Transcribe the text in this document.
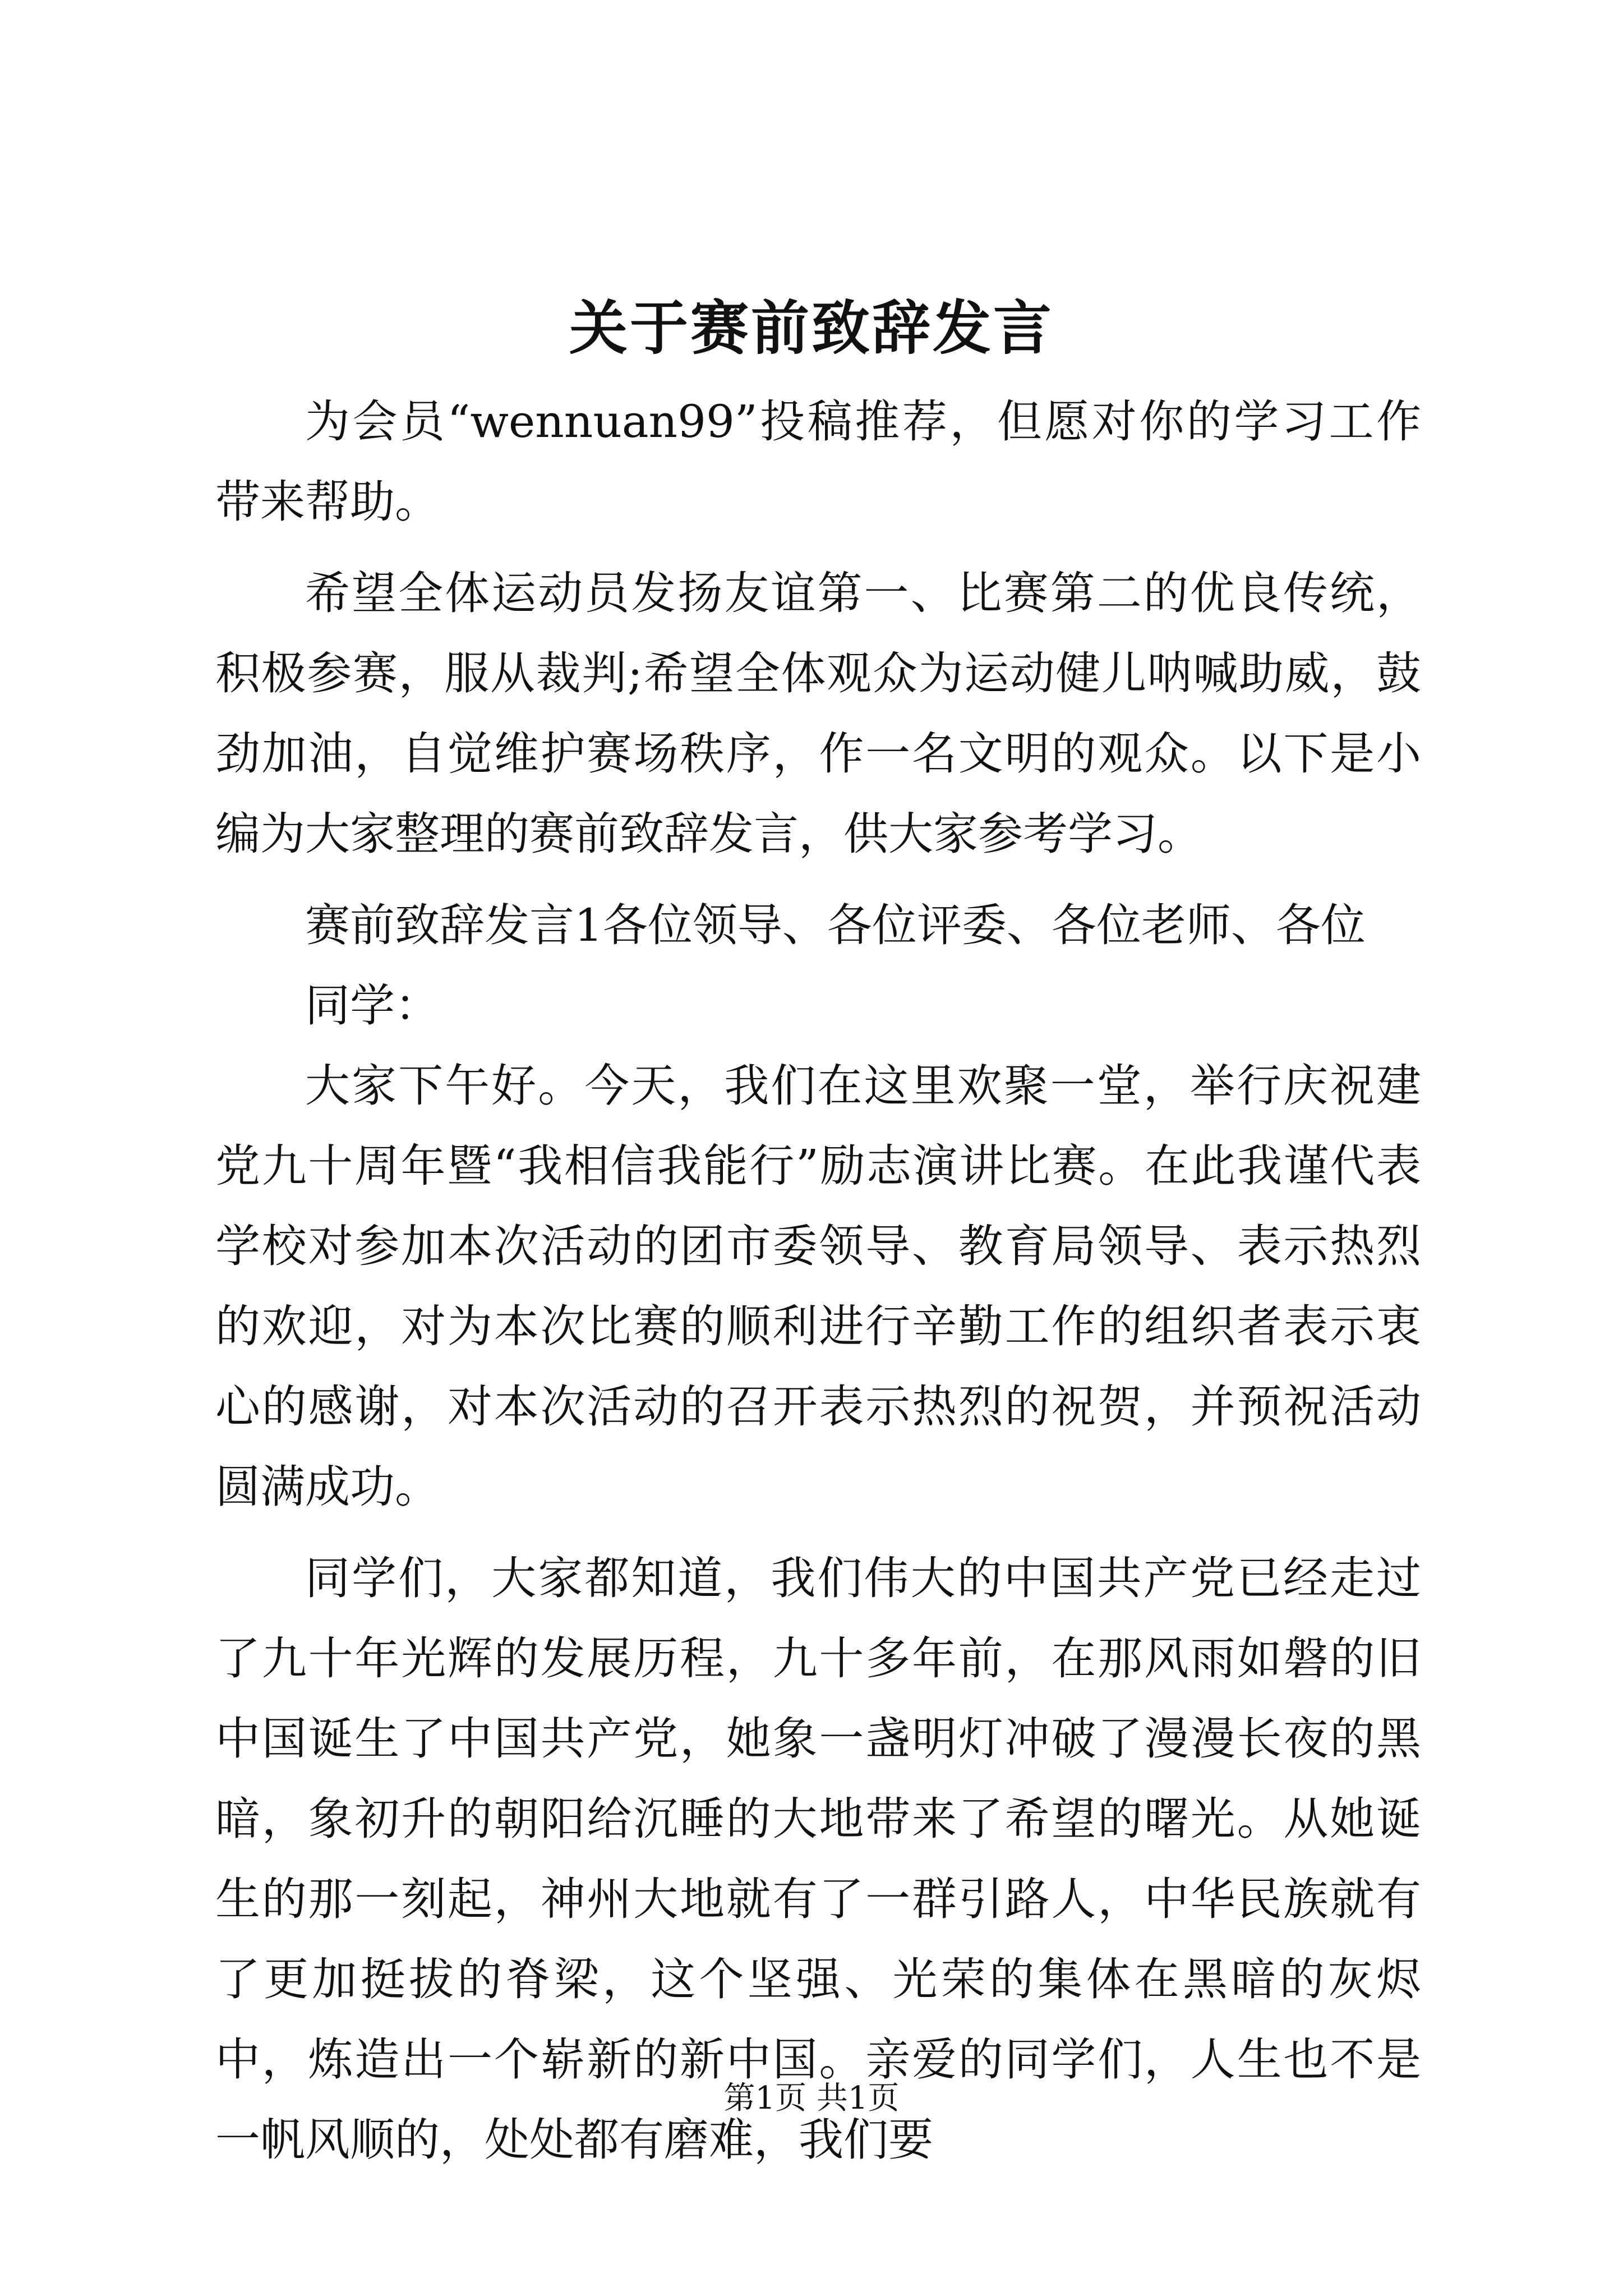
关于赛前致辞发言

为会员“wennuan99”投稿推荐，但愿对你的学习工作带来帮助。

希望全体运动员发扬友谊第一、比赛第二的优良传统，积极参赛，服从裁判;希望全体观众为运动健儿呐喊助威，鼓劲加油，自觉维护赛场秩序，作一名文明的观众。以下是小编为大家整理的赛前致辞发言，供大家参考学习。

赛前致辞发言1各位领导、各位评委、各位老师、各位

同学：

大家下午好。今天，我们在这里欢聚一堂，举行庆祝建党九十周年暨“我相信我能行”励志演讲比赛。在此我谨代表学校对参加本次活动的团市委领导、教育局领导、表示热烈的欢迎，对为本次比赛的顺利进行辛勤工作的组织者表示衷心的感谢，对本次活动的召开表示热烈的祝贺，并预祝活动圆满成功。

同学们，大家都知道，我们伟大的中国共产党已经走过了九十年光辉的发展历程，九十多年前，在那风雨如磐的旧中国诞生了中国共产党，她象一盏明灯冲破了漫漫长夜的黑暗，象初升的朝阳给沉睡的大地带来了希望的曙光。从她诞生的那一刻起，神州大地就有了一群引路人，中华民族就有了更加挺拔的脊梁，这个坚强、光荣的集体在黑暗的灰烬中，炼造出一个崭新的新中国。亲爱的同学们，人生也不是一帆风顺的，处处都有磨难，我们要

第1页 共1页
